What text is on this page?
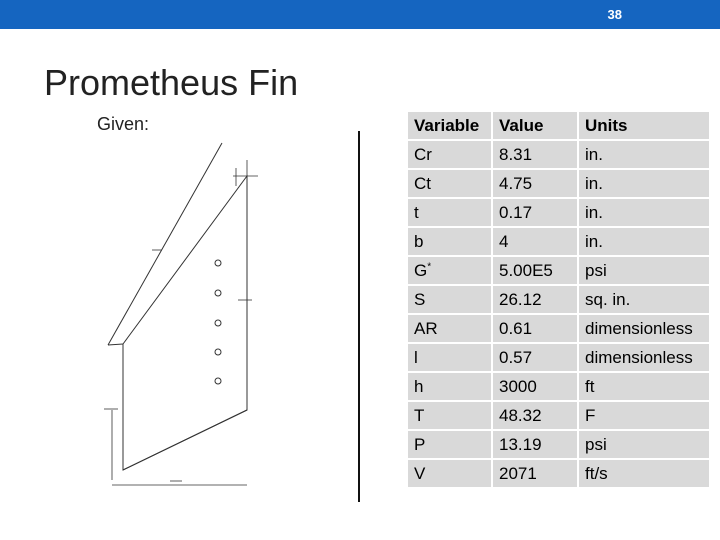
38
Prometheus Fin
Given:	Variable	Value	Units
Cr	8.31	in.
Ct	4.75	in.
t	0.17	in.
b	4	in.
G*	5.00E5	psi
S	26.12	sq. in.
AR	0.61	dimensionless
l	0.57	dimensionless
h	3000	ft
T	48.32	F
P	13.19	psi
V	2071	ft/s
